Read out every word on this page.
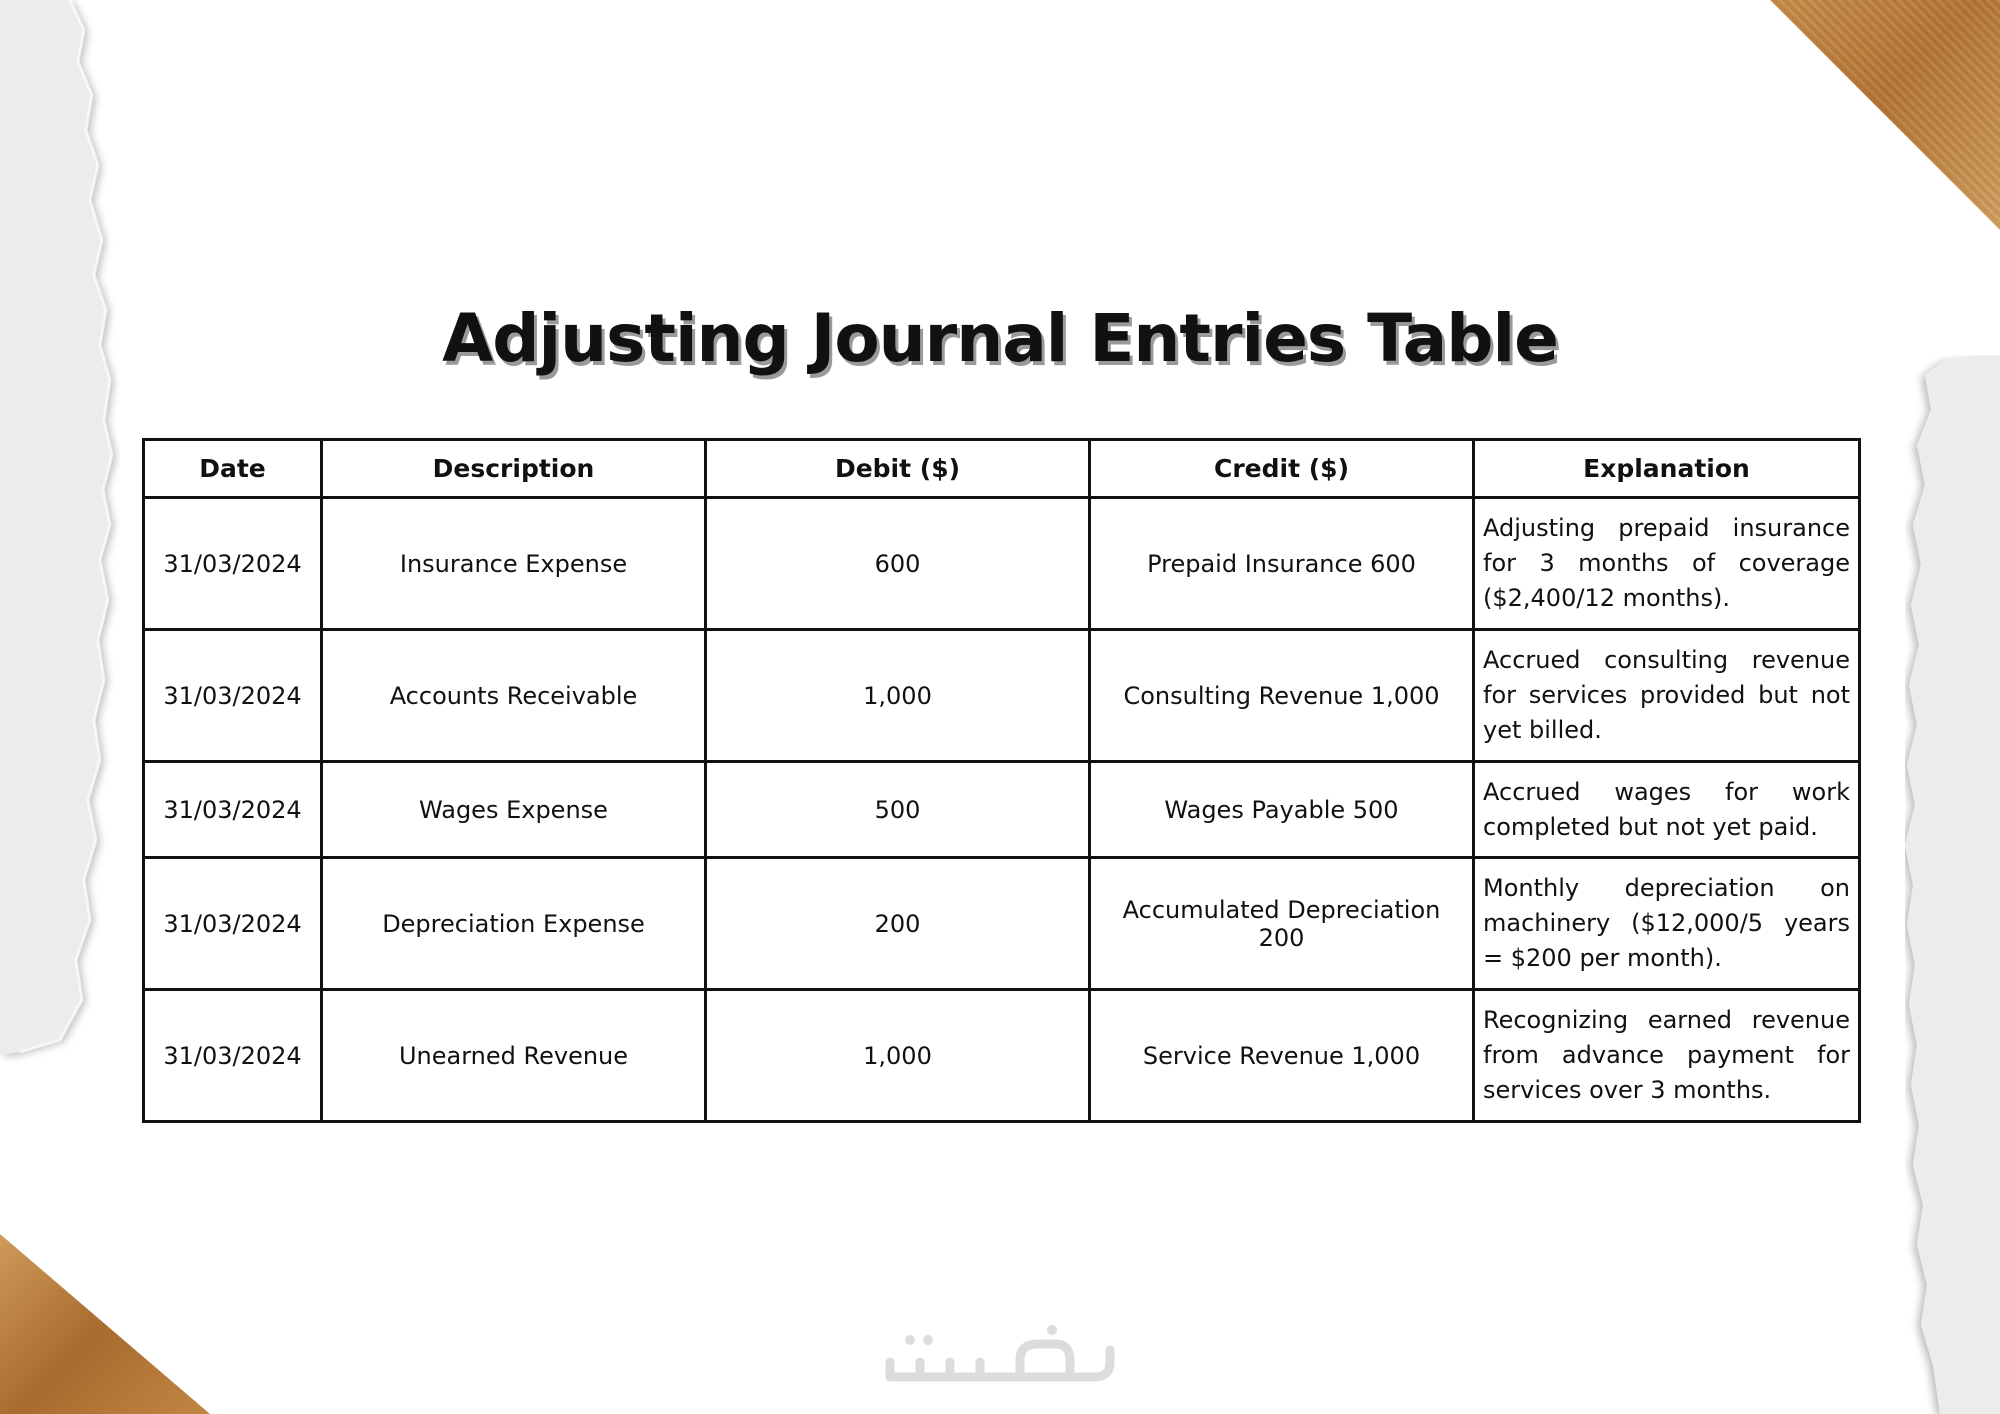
Adjusting Journal Entries Table
Date	Description	Debit ($)	Credit ($)	Explanation
31/03/2024	Insurance Expense	600	Prepaid Insurance 600	Adjusting prepaid insurance for 3 months of coverage ($2,400/12 months).
31/03/2024	Accounts Receivable	1,000	Consulting Revenue 1,000	Accrued consulting revenue for services provided but not yet billed.
31/03/2024	Wages Expense	500	Wages Payable 500	Accrued wages for work completed but not yet paid.
31/03/2024	Depreciation Expense	200	Accumulated Depreciation 200	Monthly depreciation on machinery ($12,000/5 years = $200 per month).
31/03/2024	Unearned Revenue	1,000	Service Revenue 1,000	Recognizing earned revenue from advance payment for services over 3 months.
